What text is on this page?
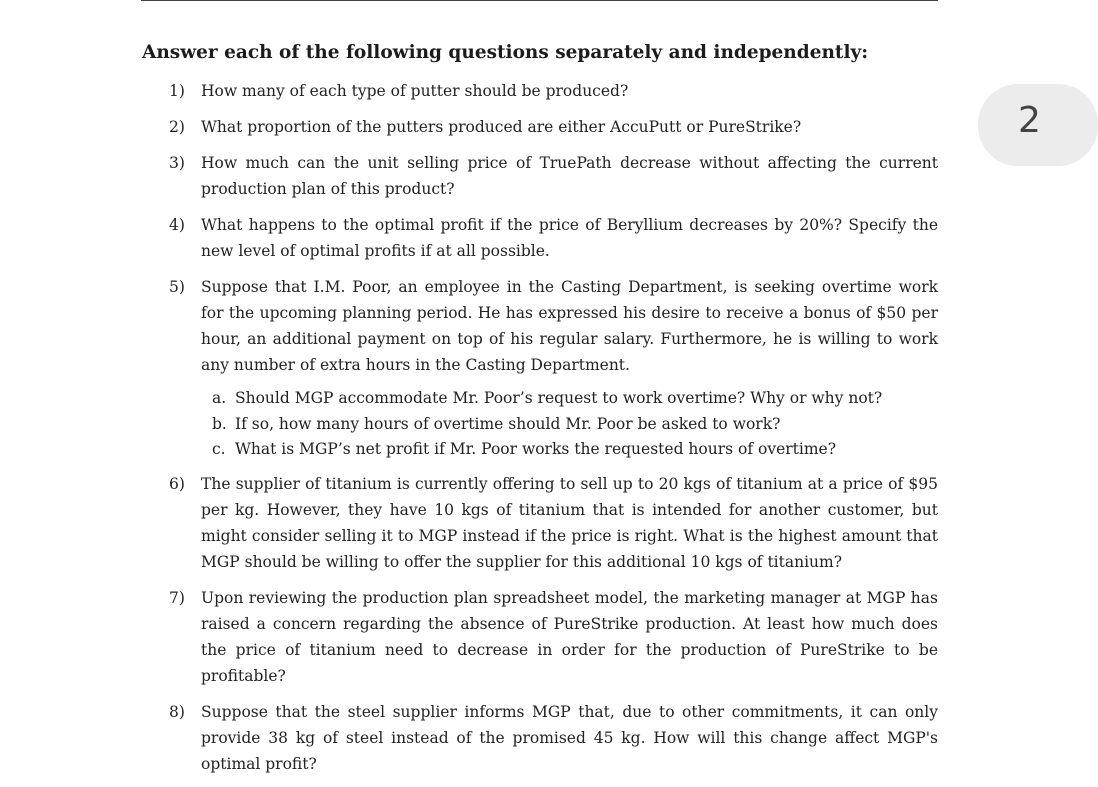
2
Answer each of the following questions separately and independently:
1)	How many of each type of putter should be produced?
2)	What proportion of the putters produced are either AccuPutt or PureStrike?
3)	How much can the unit selling price of TruePath decrease without affecting the current production plan of this product?
4)	What happens to the optimal profit if the price of Beryllium decreases by 20%? Specify the new level of optimal profits if at all possible.
5)	Suppose that I.M. Poor, an employee in the Casting Department, is seeking overtime work for the upcoming planning period. He has expressed his desire to receive a bonus of $50 per hour, an additional payment on top of his regular salary. Furthermore, he is willing to work any number of extra hours in the Casting Department.
a. Should MGP accommodate Mr. Poor’s request to work overtime? Why or why not?
b. If so, how many hours of overtime should Mr. Poor be asked to work?
c. What is MGP’s net profit if Mr. Poor works the requested hours of overtime?
6)	The supplier of titanium is currently offering to sell up to 20 kgs of titanium at a price of $95 per kg. However, they have 10 kgs of titanium that is intended for another customer, but might consider selling it to MGP instead if the price is right. What is the highest amount that MGP should be willing to offer the supplier for this additional 10 kgs of titanium?
7)	Upon reviewing the production plan spreadsheet model, the marketing manager at MGP has raised a concern regarding the absence of PureStrike production. At least how much does the price of titanium need to decrease in order for the production of PureStrike to be profitable?
8)	Suppose that the steel supplier informs MGP that, due to other commitments, it can only provide 38 kg of steel instead of the promised 45 kg. How will this change affect MGP's optimal profit?
